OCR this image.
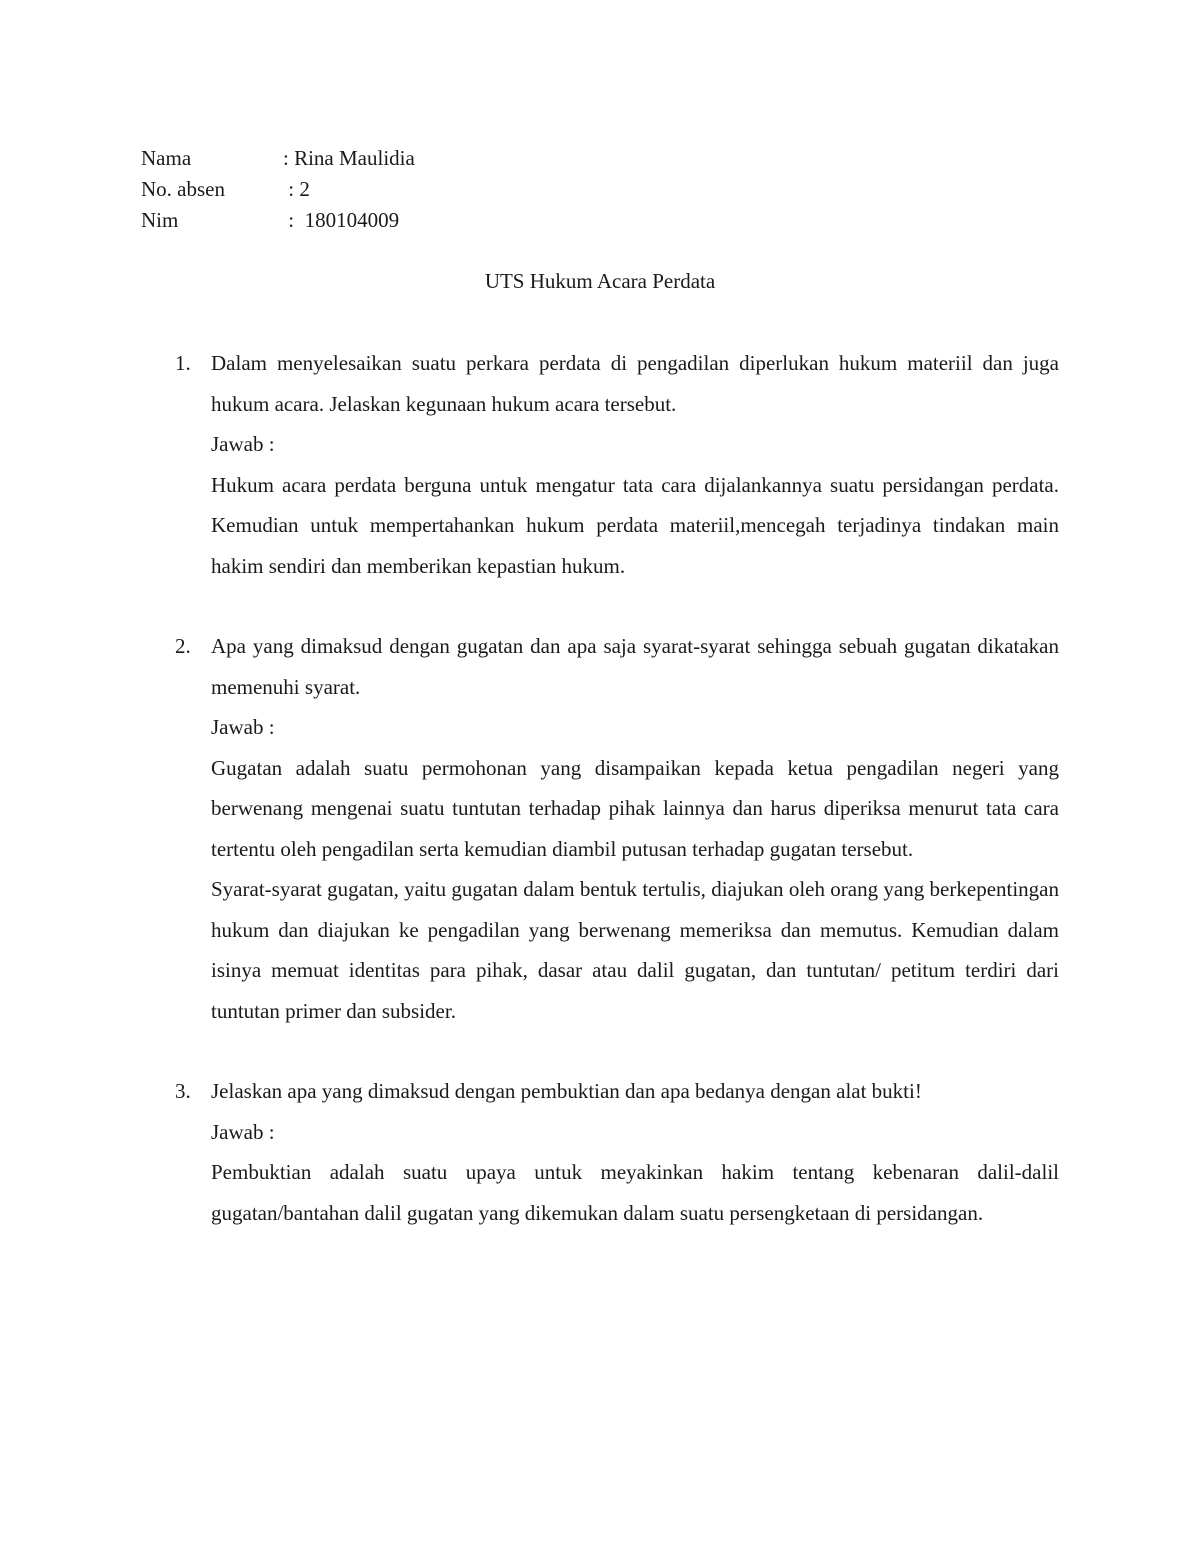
Nama	: Rina Maulidia
No. absen	: 2
Nim	:  180104009
UTS Hukum Acara Perdata
1. Dalam menyelesaikan suatu perkara perdata di pengadilan diperlukan hukum materiil dan juga hukum acara. Jelaskan kegunaan hukum acara tersebut.

Jawab :

Hukum acara perdata berguna untuk mengatur tata cara dijalankannya suatu persidangan perdata. Kemudian untuk mempertahankan hukum perdata materiil,mencegah terjadinya tindakan main hakim sendiri dan memberikan kepastian hukum.

2. Apa yang dimaksud dengan gugatan dan apa saja syarat-syarat sehingga sebuah gugatan dikatakan memenuhi syarat.

Jawab :

Gugatan adalah suatu permohonan yang disampaikan kepada ketua pengadilan negeri yang berwenang mengenai suatu tuntutan terhadap pihak lainnya dan harus diperiksa menurut tata cara tertentu oleh pengadilan serta kemudian diambil putusan terhadap gugatan tersebut.

Syarat-syarat gugatan, yaitu gugatan dalam bentuk tertulis, diajukan oleh orang yang berkepentingan hukum dan diajukan ke pengadilan yang berwenang memeriksa dan memutus. Kemudian dalam isinya memuat identitas para pihak, dasar atau dalil gugatan, dan tuntutan/ petitum terdiri dari tuntutan primer dan subsider.

3. Jelaskan apa yang dimaksud dengan pembuktian dan apa bedanya dengan alat bukti!

Jawab :

Pembuktian adalah suatu upaya untuk meyakinkan hakim tentang kebenaran dalil-dalil gugatan/bantahan dalil gugatan yang dikemukan dalam suatu persengketaan di persidangan.
